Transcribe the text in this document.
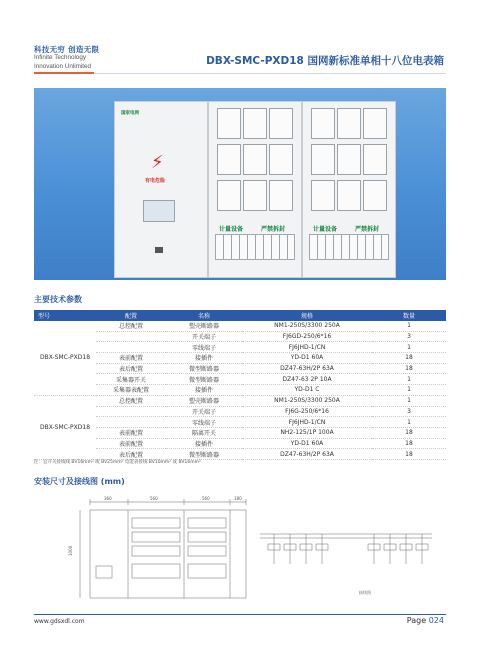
科技无穷 创造无限
Infinite Technology
Innovation Unlimited	DBX-SMC-PXD18 国网新标准单相十八位电表箱
国家电网
⚡
有电危险
计量设备	严禁拆封	计量设备	严禁拆封
主要技术参数
型号	配置	名称	规格	数量
DBX-SMC-PXD18	总控配置	塑壳断路器	NM1-250S/3300 250A	1
		开关端子	FJ6GD-250/6*16	3
		零线端子	FJ6JHD-1/CN	1
	表前配置	接插件	YD-D1 60A	18
	表后配置	微型断路器	DZ47-63H/2P 63A	18
	采集器开关	微型断路器	DZ47-63 2P 10A	1
	采集器表配置	接插件	YD-D1 C	1
DBX-SMC-PXD18	总控配置	塑壳断路器	NM1-250S/3300 250A	1
		开关端子	FJ6G-250/6*16	3
		零线端子	FJ6JHD-1/CN	1
	表前配置	隔离开关	NH2-125/1P 100A	18
	表前配置	接插件	YD-D1 60A	18
	表后配置	微型断路器	DZ47-63H/2P 63A	18
注：总开关接线线 BV16mm² 或 BV25mm² 电能表接线 BV10mm² 或 BV16mm²
安装尺寸及接线图 (mm)
360	560	560	180
1000
接线图
www.gdsxdl.com	Page 024
